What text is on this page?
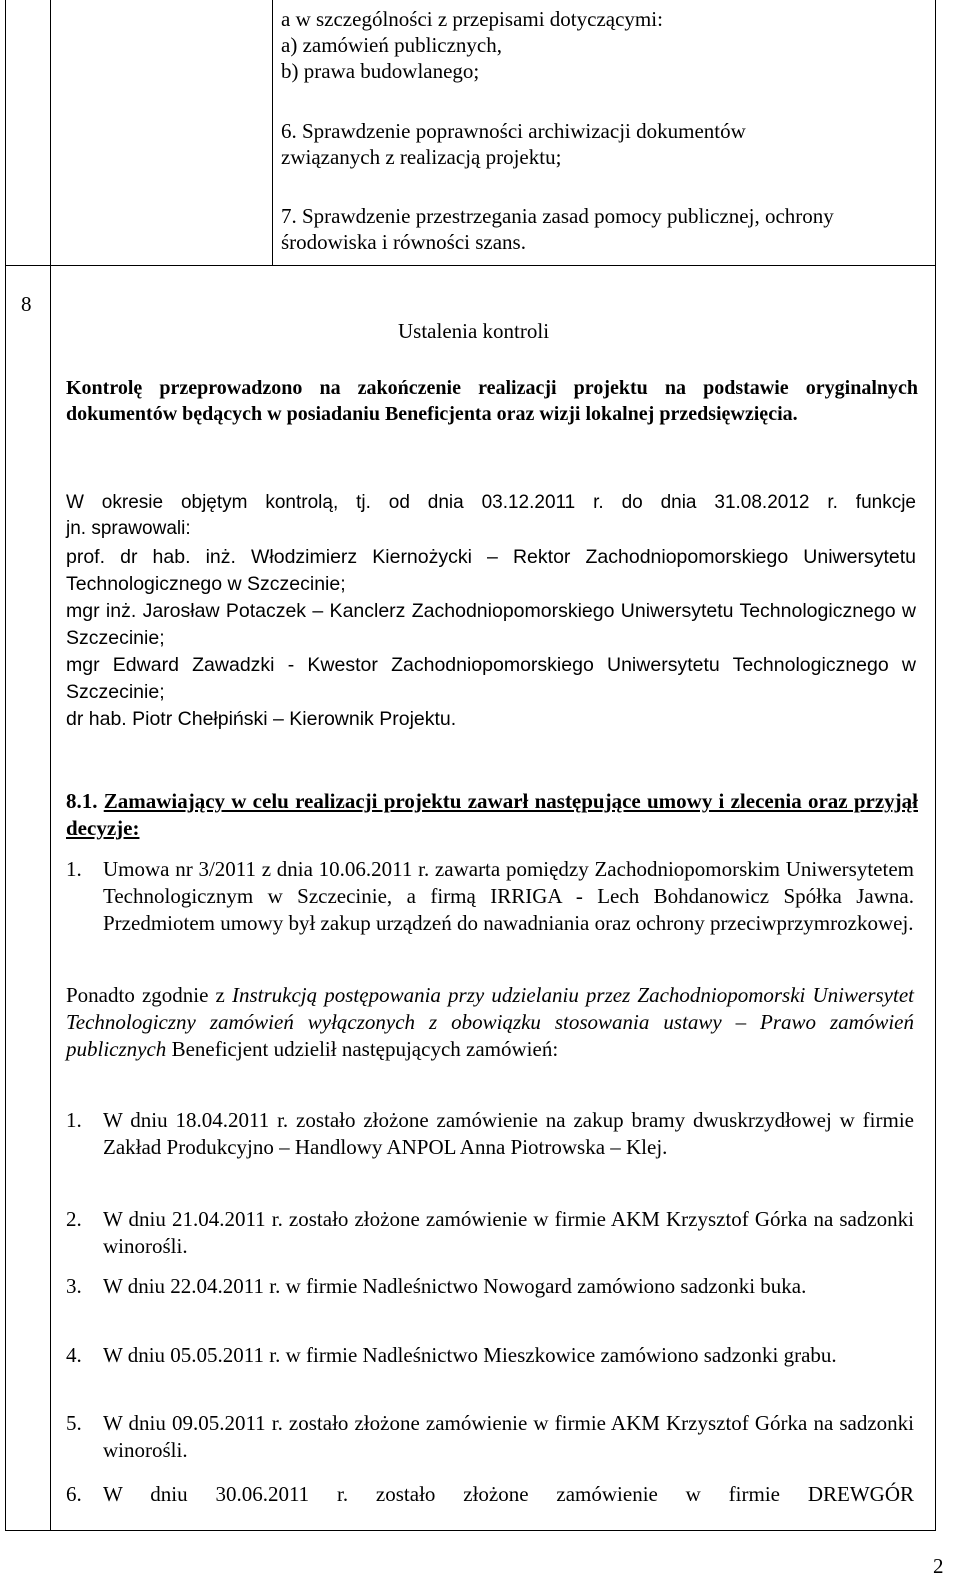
a w szczególności z przepisami dotyczącymi:
a) zamówień publicznych,
b) prawa budowlanego;
6. Sprawdzenie poprawności archiwizacji dokumentów związanych z realizacją projektu;
7. Sprawdzenie przestrzegania zasad pomocy publicznej, ochrony środowiska i równości szans.
8
Ustalenia kontroli
Kontrolę przeprowadzono na zakończenie realizacji projektu na podstawie oryginalnych dokumentów będących w posiadaniu Beneficjenta oraz wizji lokalnej przedsięwzięcia.
W okresie objętym kontrolą, tj. od dnia 03.12.2011 r. do dnia 31.08.2012 r. funkcje
jn. sprawowali:
prof. dr hab. inż. Włodzimierz Kiernożycki – Rektor Zachodniopomorskiego Uniwersytetu Technologicznego w Szczecinie;
mgr inż. Jarosław Potaczek – Kanclerz Zachodniopomorskiego Uniwersytetu Technologicznego w Szczecinie;
mgr Edward Zawadzki - Kwestor Zachodniopomorskiego Uniwersytetu Technologicznego w Szczecinie;
dr hab. Piotr Chełpiński – Kierownik Projektu.
8.1. Zamawiający w celu realizacji projektu zawarł następujące umowy i zlecenia oraz przyjął decyzje:
1. Umowa nr 3/2011 z dnia 10.06.2011 r. zawarta pomiędzy Zachodniopomorskim Uniwersytetem Technologicznym w Szczecinie, a firmą IRRIGA - Lech Bohdanowicz Spółka Jawna. Przedmiotem umowy był zakup urządzeń do nawadniania oraz ochrony przeciwprzymrozkowej.
Ponadto zgodnie z Instrukcją postępowania przy udzielaniu przez Zachodniopomorski Uniwersytet Technologiczny zamówień wyłączonych z obowiązku stosowania ustawy – Prawo zamówień publicznych Beneficjent udzielił następujących zamówień:
1. W dniu 18.04.2011 r. zostało złożone zamówienie na zakup bramy dwuskrzydłowej w firmie Zakład Produkcyjno – Handlowy ANPOL Anna Piotrowska – Klej.
2. W dniu 21.04.2011 r. zostało złożone zamówienie w firmie AKM Krzysztof Górka na sadzonki winorośli.
3. W dniu 22.04.2011 r. w firmie Nadleśnictwo Nowogard zamówiono sadzonki buka.
4. W dniu 05.05.2011 r. w firmie Nadleśnictwo Mieszkowice zamówiono sadzonki grabu.
5. W dniu 09.05.2011 r. zostało złożone zamówienie w firmie AKM Krzysztof Górka na sadzonki winorośli.
6. W dniu 30.06.2011 r. zostało złożone zamówienie w firmie DREWGÓR
2
